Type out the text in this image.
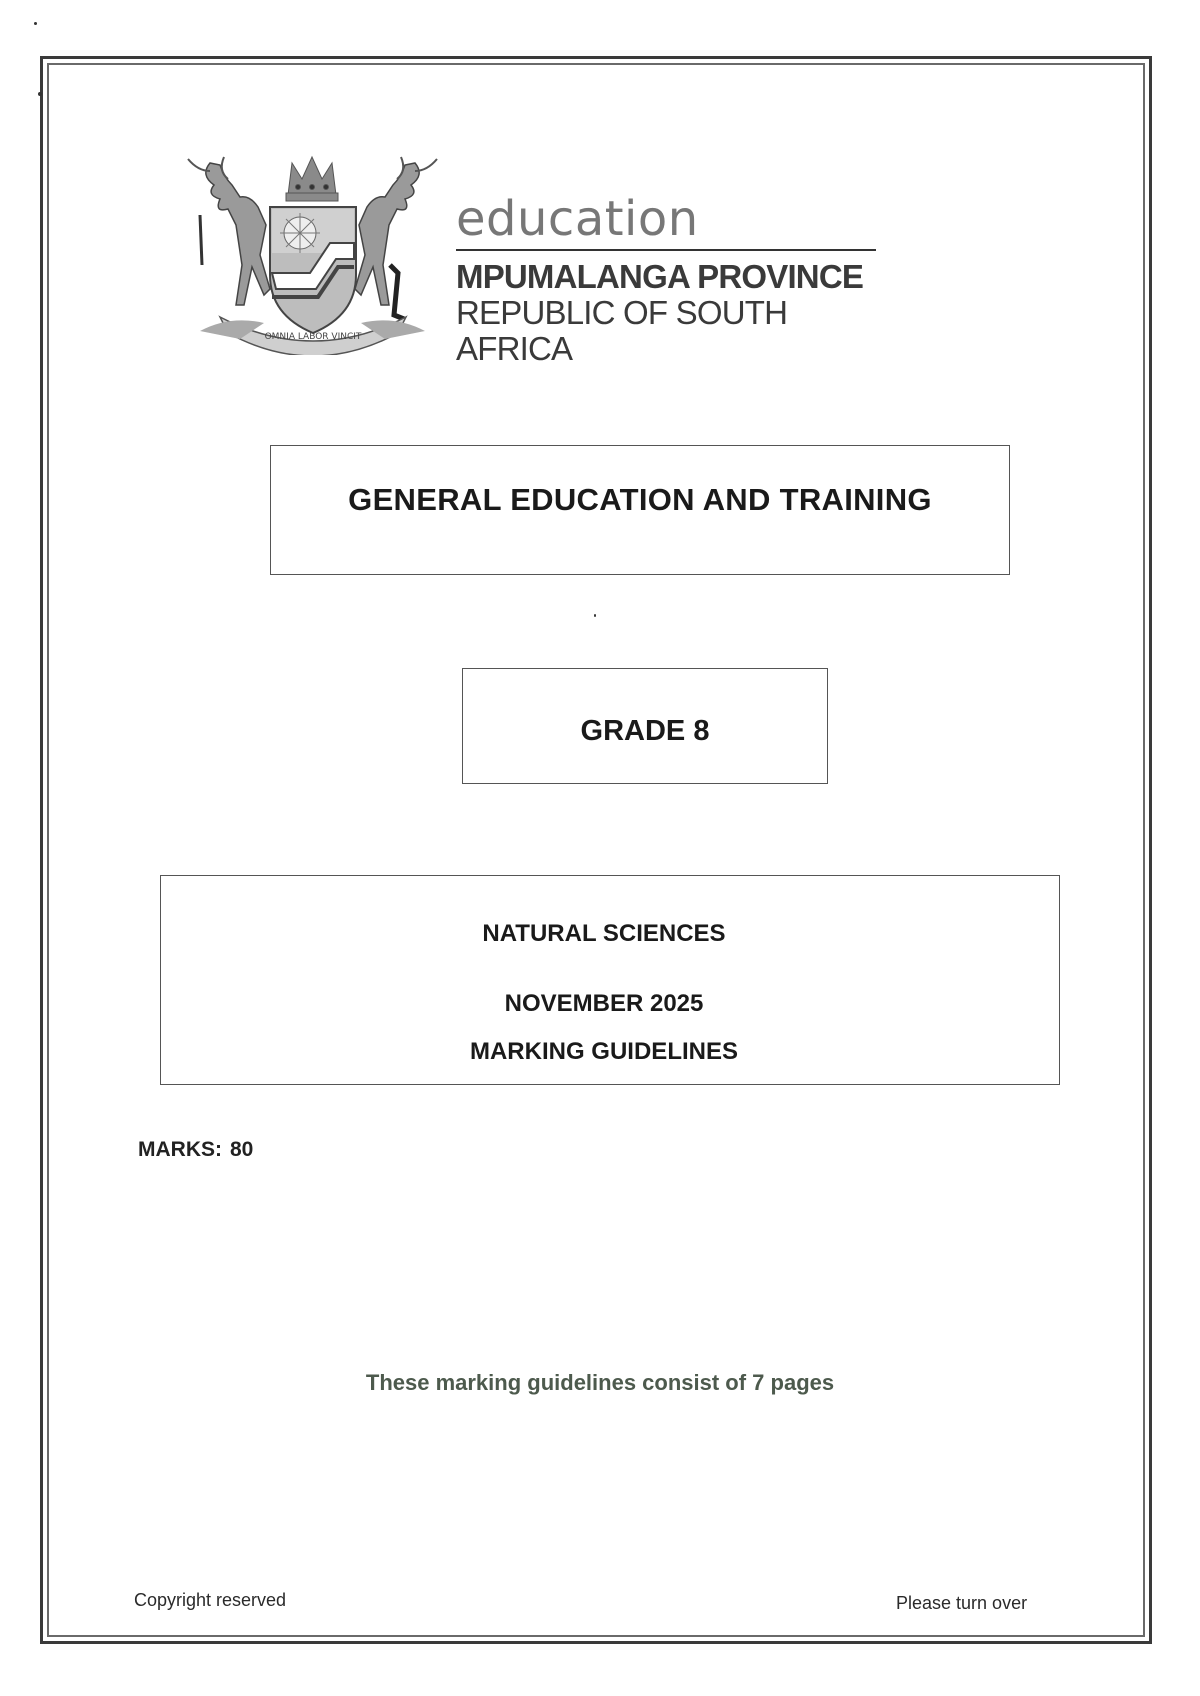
OMNIA LABOR VINCIT
education
MPUMALANGA PROVINCE
REPUBLIC OF SOUTH AFRICA
GENERAL EDUCATION AND TRAINING
GRADE 8
NATURAL SCIENCES
NOVEMBER 2025
MARKING GUIDELINES
MARKS: 80
These marking guidelines consist of 7 pages
Copyright reserved	Please turn over
